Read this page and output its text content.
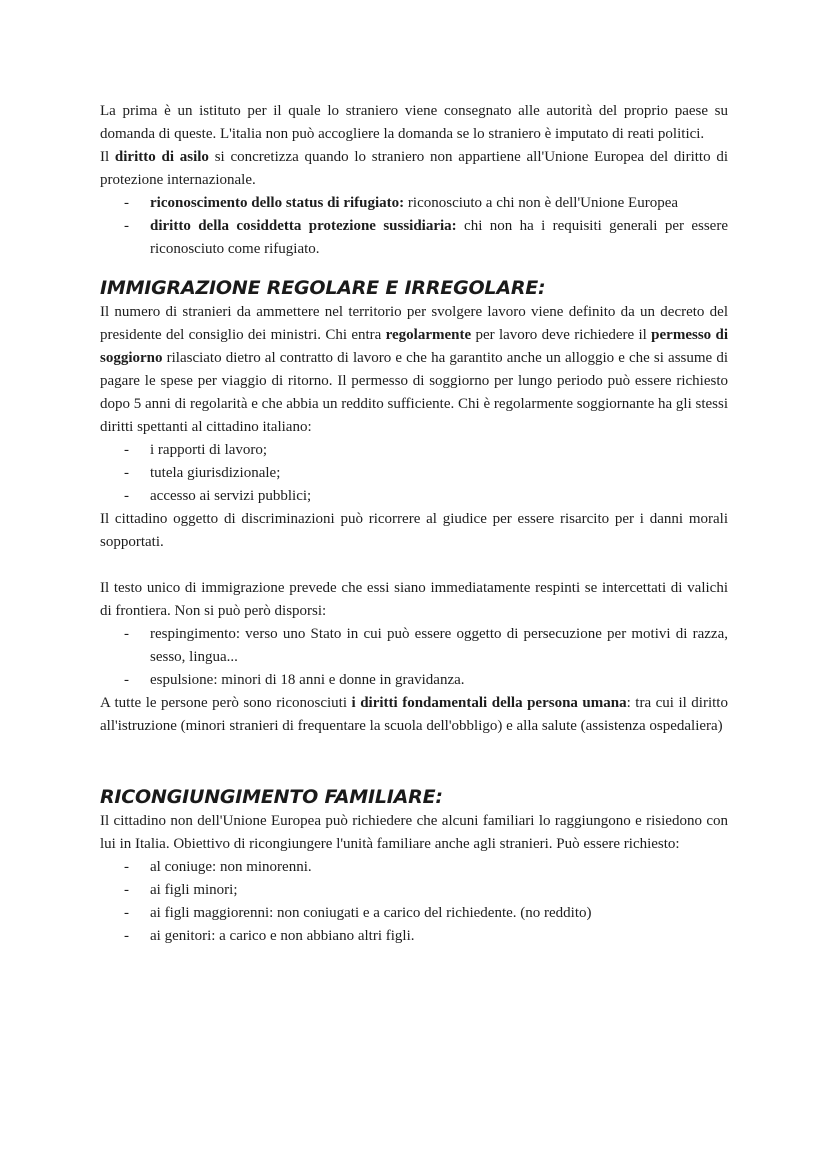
La prima è un istituto per il quale lo straniero viene consegnato alle autorità del proprio paese su domanda di queste. L'italia non può accogliere la domanda se lo straniero è imputato di reati politici.

Il diritto di asilo si concretizza quando lo straniero non appartiene all'Unione Europea del diritto di protezione internazionale.

- riconoscimento dello status di rifugiato: riconosciuto a chi non è dell'Unione Europea
- diritto della cosiddetta protezione sussidiaria: chi non ha i requisiti generali per essere riconosciuto come rifugiato.
IMMIGRAZIONE REGOLARE E IRREGOLARE:

Il numero di stranieri da ammettere nel territorio per svolgere lavoro viene definito da un decreto del presidente del consiglio dei ministri. Chi entra regolarmente per lavoro deve richiedere il permesso di soggiorno rilasciato dietro al contratto di lavoro e che ha garantito anche un alloggio e che si assume di pagare le spese per viaggio di ritorno. Il permesso di soggiorno per lungo periodo può essere richiesto dopo 5 anni di regolarità e che abbia un reddito sufficiente. Chi è regolarmente soggiornante ha gli stessi diritti spettanti al cittadino italiano:

- i rapporti di lavoro;
- tutela giurisdizionale;
- accesso ai servizi pubblici;

Il cittadino oggetto di discriminazioni può ricorrere al giudice per essere risarcito per i danni morali sopportati.

Il testo unico di immigrazione prevede che essi siano immediatamente respinti se intercettati di valichi di frontiera. Non si può però disporsi:

- respingimento: verso uno Stato in cui può essere oggetto di persecuzione per motivi di razza, sesso, lingua...
- espulsione: minori di 18 anni e donne in gravidanza.

A tutte le persone però sono riconosciuti i diritti fondamentali della persona umana: tra cui il diritto all'istruzione (minori stranieri di frequentare la scuola dell'obbligo) e alla salute (assistenza ospedaliera)

RICONGIUNGIMENTO FAMILIARE:

Il cittadino non dell'Unione Europea può richiedere che alcuni familiari lo raggiungono e risiedono con lui in Italia. Obiettivo di ricongiungere l'unità familiare anche agli stranieri. Può essere richiesto:

- al coniuge: non minorenni.
- ai figli minori;
- ai figli maggiorenni: non coniugati e a carico del richiedente. (no reddito)
- ai genitori: a carico e non abbiano altri figli.
